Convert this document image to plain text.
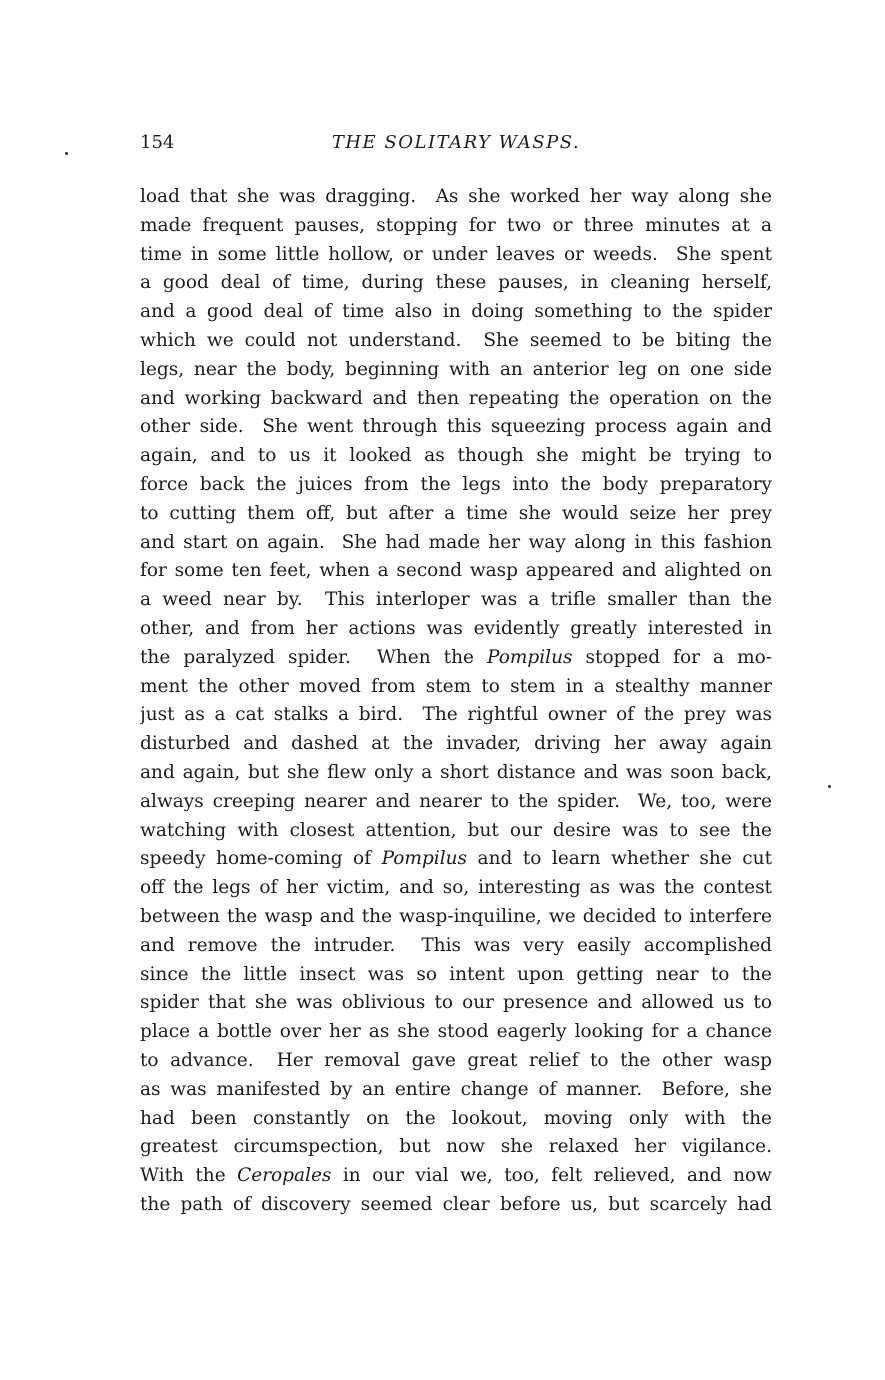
154	THE SOLITARY WASPS.
load that she was dragging.  As she worked her way along she
made frequent pauses, stopping for two or three minutes at a
time in some little hollow, or under leaves or weeds.  She spent
a good deal of time, during these pauses, in cleaning herself,
and a good deal of time also in doing something to the spider
which we could not understand.  She seemed to be biting the
legs, near the body, beginning with an anterior leg on one side
and working backward and then repeating the operation on the
other side.  She went through this squeezing process again and
again, and to us it looked as though she might be trying to
force back the juices from the legs into the body preparatory
to cutting them off, but after a time she would seize her prey
and start on again.  She had made her way along in this fashion
for some ten feet, when a second wasp appeared and alighted on
a weed near by.  This interloper was a trifle smaller than the
other, and from her actions was evidently greatly interested in
the paralyzed spider.  When the Pompilus stopped for a mo-
ment the other moved from stem to stem in a stealthy manner
just as a cat stalks a bird.  The rightful owner of the prey was
disturbed and dashed at the invader, driving her away again
and again, but she flew only a short distance and was soon back,
always creeping nearer and nearer to the spider.  We, too, were
watching with closest attention, but our desire was to see the
speedy home-coming of Pompilus and to learn whether she cut
off the legs of her victim, and so, interesting as was the contest
between the wasp and the wasp-inquiline, we decided to interfere
and remove the intruder.  This was very easily accomplished
since the little insect was so intent upon getting near to the
spider that she was oblivious to our presence and allowed us to
place a bottle over her as she stood eagerly looking for a chance
to advance.  Her removal gave great relief to the other wasp
as was manifested by an entire change of manner.  Before, she
had been constantly on the lookout, moving only with the
greatest circumspection, but now she relaxed her vigilance.
With the Ceropales in our vial we, too, felt relieved, and now
the path of discovery seemed clear before us, but scarcely had
